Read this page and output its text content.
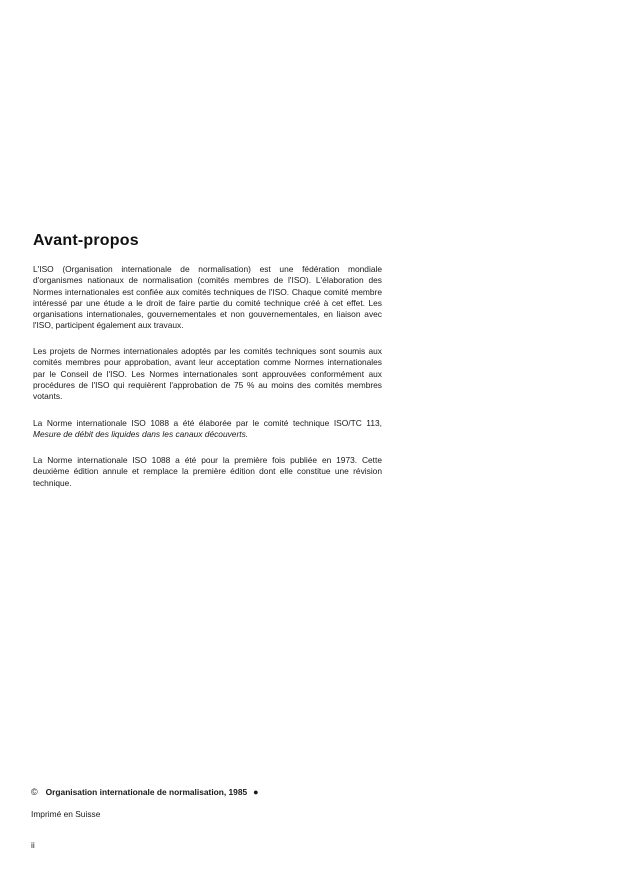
Avant-propos

L'ISO (Organisation internationale de normalisation) est une fédération mondiale d'organismes nationaux de normalisation (comités membres de l'ISO). L'élaboration des Normes internationales est confiée aux comités techniques de l'ISO. Chaque comité membre intéressé par une étude a le droit de faire partie du comité technique créé à cet effet. Les organisations internationales, gouvernementales et non gouvernementales, en liaison avec l'ISO, participent également aux travaux.

Les projets de Normes internationales adoptés par les comités techniques sont soumis aux comités membres pour approbation, avant leur acceptation comme Normes internationales par le Conseil de l'ISO. Les Normes internationales sont approuvées conformément aux procédures de l'ISO qui requièrent l'approbation de 75 % au moins des comités membres votants.

La Norme internationale ISO 1088 a été élaborée par le comité technique ISO/TC 113, Mesure de débit des liquides dans les canaux découverts.

La Norme internationale ISO 1088 a été pour la première fois publiée en 1973. Cette deuxième édition annule et remplace la première édition dont elle constitue une révision technique.

© Organisation internationale de normalisation, 1985 ●
Imprimé en Suisse
ii
